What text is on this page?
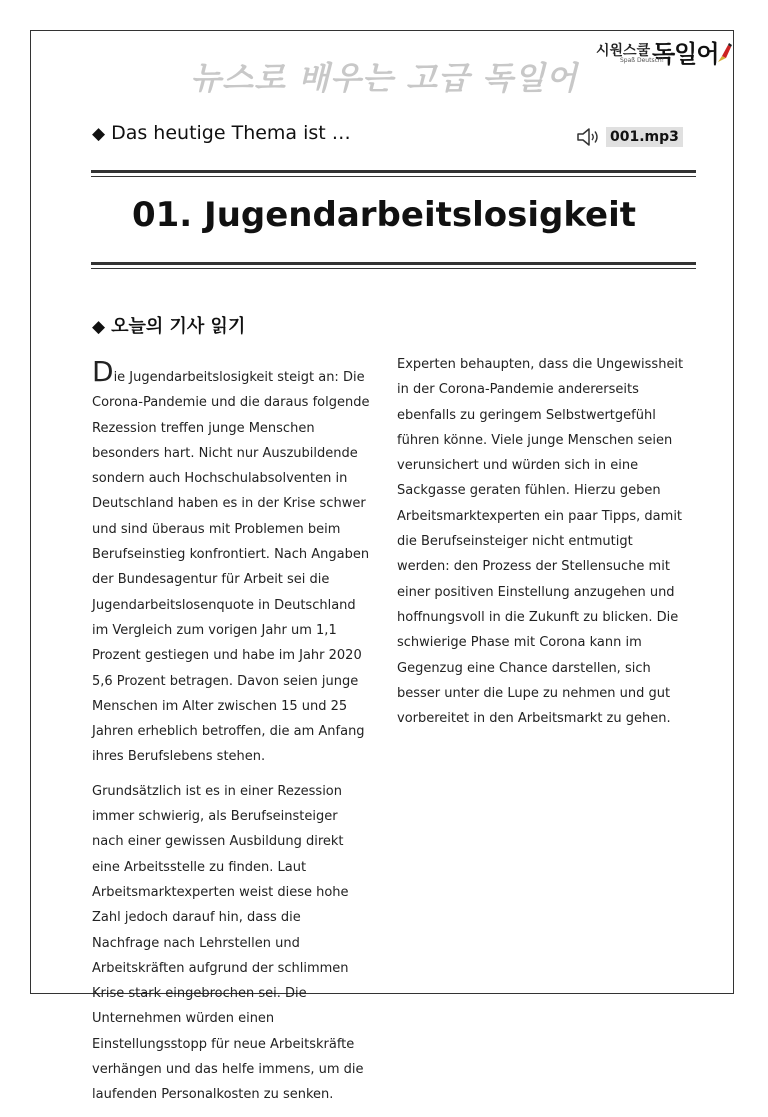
시원스쿨 독일어
Spaß Deutsch!
뉴스로 배우는 고급 독일어
◆ Das heutige Thema ist …	001.mp3
01. Jugendarbeitslosigkeit
◆ 오늘의 기사 읽기

Die Jugendarbeitslosigkeit steigt an: Die Corona-Pandemie und die daraus folgende Rezession treffen junge Menschen besonders hart. Nicht nur Auszubildende sondern auch Hochschulabsolventen in Deutschland haben es in der Krise schwer und sind überaus mit Problemen beim Berufseinstieg konfrontiert. Nach Angaben der Bundesagentur für Arbeit sei die Jugendarbeitslosenquote in Deutschland im Vergleich zum vorigen Jahr um 1,1 Prozent gestiegen und habe im Jahr 2020 5,6 Prozent betragen. Davon seien junge Menschen im Alter zwischen 15 und 25 Jahren erheblich betroffen, die am Anfang ihres Berufslebens stehen.

Grundsätzlich ist es in einer Rezession immer schwierig, als Berufseinsteiger nach einer gewissen Ausbildung direkt eine Arbeitsstelle zu finden. Laut Arbeitsmarktexperten weist diese hohe Zahl jedoch darauf hin, dass die Nachfrage nach Lehrstellen und Arbeitskräften aufgrund der schlimmen Krise stark eingebrochen sei. Die Unternehmen würden einen Einstellungsstopp für neue Arbeitskräfte verhängen und das helfe immens, um die laufenden Personalkosten zu senken.

Experten behaupten, dass die Ungewissheit in der Corona-Pandemie andererseits ebenfalls zu geringem Selbstwertgefühl führen könne. Viele junge Menschen seien verunsichert und würden sich in eine Sackgasse geraten fühlen. Hierzu geben Arbeitsmarktexperten ein paar Tipps, damit die Berufseinsteiger nicht entmutigt werden: den Prozess der Stellensuche mit einer positiven Einstellung anzugehen und hoffnungsvoll in die Zukunft zu blicken. Die schwierige Phase mit Corona kann im Gegenzug eine Chance darstellen, sich besser unter die Lupe zu nehmen und gut vorbereitet in den Arbeitsmarkt zu gehen.
